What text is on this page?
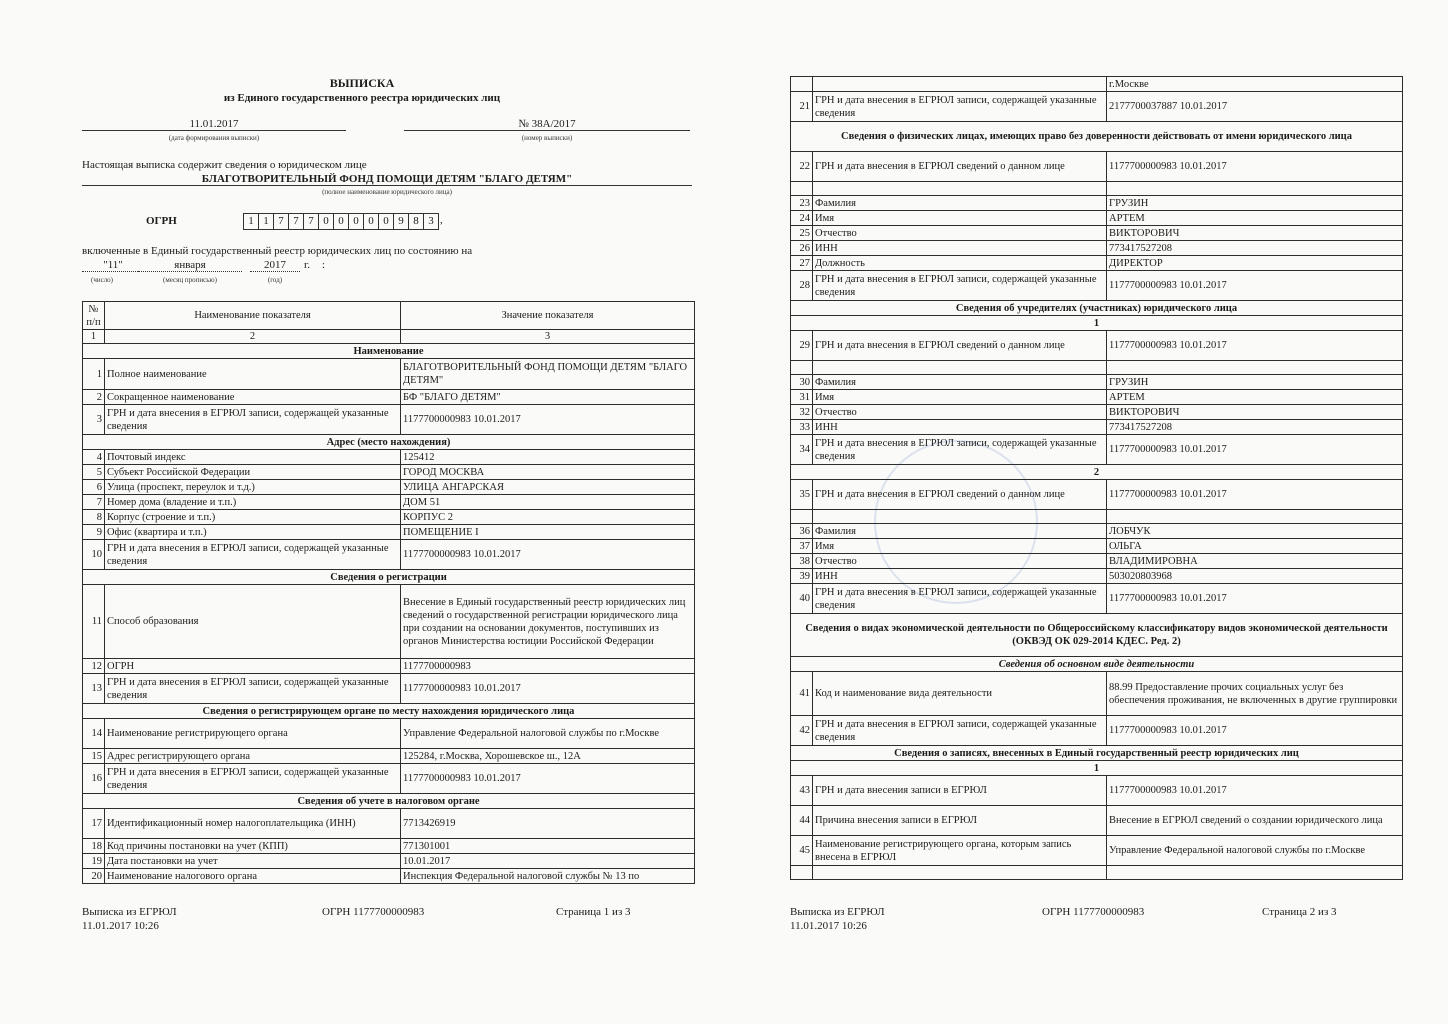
ВЫПИСКА
из Единого государственного реестра юридических лиц
11.01.2017
(дата формирования выписки)
№ 38А/2017
(номер выписки)
Настоящая выписка содержит сведения о юридическом лице
БЛАГОТВОРИТЕЛЬНЫЙ ФОНД ПОМОЩИ ДЕТЯМ "БЛАГО ДЕТЯМ"
(полное наименование юридического лица)
ОГРН	1 1 7 7 7 0 0 0 0 0 9 8 3 ,
включенные в Единый государственный реестр юридических лиц по состоянию на
"11"	января	2017	г. :
(число)	(месяц прописью)	(год)
№ п/п	Наименование показателя	Значение показателя
1	2	3
Наименование		
1	Полное наименование	БЛАГОТВОРИТЕЛЬНЫЙ ФОНД ПОМОЩИ ДЕТЯМ "БЛАГО ДЕТЯМ"
2	Сокращенное наименование	БФ "БЛАГО ДЕТЯМ"
3	ГРН и дата внесения в ЕГРЮЛ записи, содержащей указанные сведения	1177700000983 10.01.2017
Адрес (место нахождения)		
4	Почтовый индекс	125412
5	Субъект Российской Федерации	ГОРОД МОСКВА
6	Улица (проспект, переулок и т.д.)	УЛИЦА АНГАРСКАЯ
7	Номер дома (владение и т.п.)	ДОМ 51
8	Корпус (строение и т.п.)	КОРПУС 2
9	Офис (квартира и т.п.)	ПОМЕЩЕНИЕ I
10	ГРН и дата внесения в ЕГРЮЛ записи, содержащей указанные сведения	1177700000983 10.01.2017
Сведения о регистрации		
11	Способ образования	Внесение в Единый государственный реестр юридических лиц сведений о государственной регистрации юридического лица при создании на основании документов, поступивших из органов Министерства юстиции Российской Федерации
12	ОГРН	1177700000983
13	ГРН и дата внесения в ЕГРЮЛ записи, содержащей указанные сведения	1177700000983 10.01.2017
Сведения о регистрирующем органе по месту нахождения юридического лица		
14	Наименование регистрирующего органа	Управление Федеральной налоговой службы по г.Москве
15	Адрес регистрирующего органа	125284, г.Москва, Хорошевское ш., 12А
16	ГРН и дата внесения в ЕГРЮЛ записи, содержащей указанные сведения	1177700000983 10.01.2017
Сведения об учете в налоговом органе		
17	Идентификационный номер налогоплательщика (ИНН)	7713426919
18	Код причины постановки на учет (КПП)	771301001
19	Дата постановки на учет	10.01.2017
20	Наименование налогового органа	Инспекция Федеральной налоговой службы № 13 по
Выписка из ЕГРЮЛ
11.01.2017 10:26
ОГРН 1177700000983	Страница 1 из 3
		г.Москве
21	ГРН и дата внесения в ЕГРЮЛ записи, содержащей указанные сведения	2177700037887 10.01.2017
Сведения о физических лицах, имеющих право без доверенности действовать от имени юридического лица		
22	ГРН и дата внесения в ЕГРЮЛ сведений о данном лице	1177700000983 10.01.2017

23	Фамилия	ГРУЗИН
24	Имя	АРТЕМ
25	Отчество	ВИКТОРОВИЧ
26	ИНН	773417527208
27	Должность	ДИРЕКТОР
28	ГРН и дата внесения в ЕГРЮЛ записи, содержащей указанные сведения	1177700000983 10.01.2017
Сведения об учредителях (участниках) юридического лица		
1		
29	ГРН и дата внесения в ЕГРЮЛ сведений о данном лице	1177700000983 10.01.2017

30	Фамилия	ГРУЗИН
31	Имя	АРТЕМ
32	Отчество	ВИКТОРОВИЧ
33	ИНН	773417527208
34	ГРН и дата внесения в ЕГРЮЛ записи, содержащей указанные сведения	1177700000983 10.01.2017
2		
35	ГРН и дата внесения в ЕГРЮЛ сведений о данном лице	1177700000983 10.01.2017

36	Фамилия	ЛОБЧУК
37	Имя	ОЛЬГА
38	Отчество	ВЛАДИМИРОВНА
39	ИНН	503020803968
40	ГРН и дата внесения в ЕГРЮЛ записи, содержащей указанные сведения	1177700000983 10.01.2017
Сведения о видах экономической деятельности по Общероссийскому классификатору видов экономической деятельности (ОКВЭД ОК 029-2014 КДЕС. Ред. 2)		
Сведения об основном виде деятельности		
41	Код и наименование вида деятельности	88.99 Предоставление прочих социальных услуг без обеспечения проживания, не включенных в другие группировки
42	ГРН и дата внесения в ЕГРЮЛ записи, содержащей указанные сведения	1177700000983 10.01.2017
Сведения о записях, внесенных в Единый государственный реестр юридических лиц		
1		
43	ГРН и дата внесения записи в ЕГРЮЛ	1177700000983 10.01.2017
44	Причина внесения записи в ЕГРЮЛ	Внесение в ЕГРЮЛ сведений о создании юридического лица
45	Наименование регистрирующего органа, которым запись внесена в ЕГРЮЛ	Управление Федеральной налоговой службы по г.Москве

Выписка из ЕГРЮЛ
11.01.2017 10:26
ОГРН 1177700000983	Страница 2 из 3
